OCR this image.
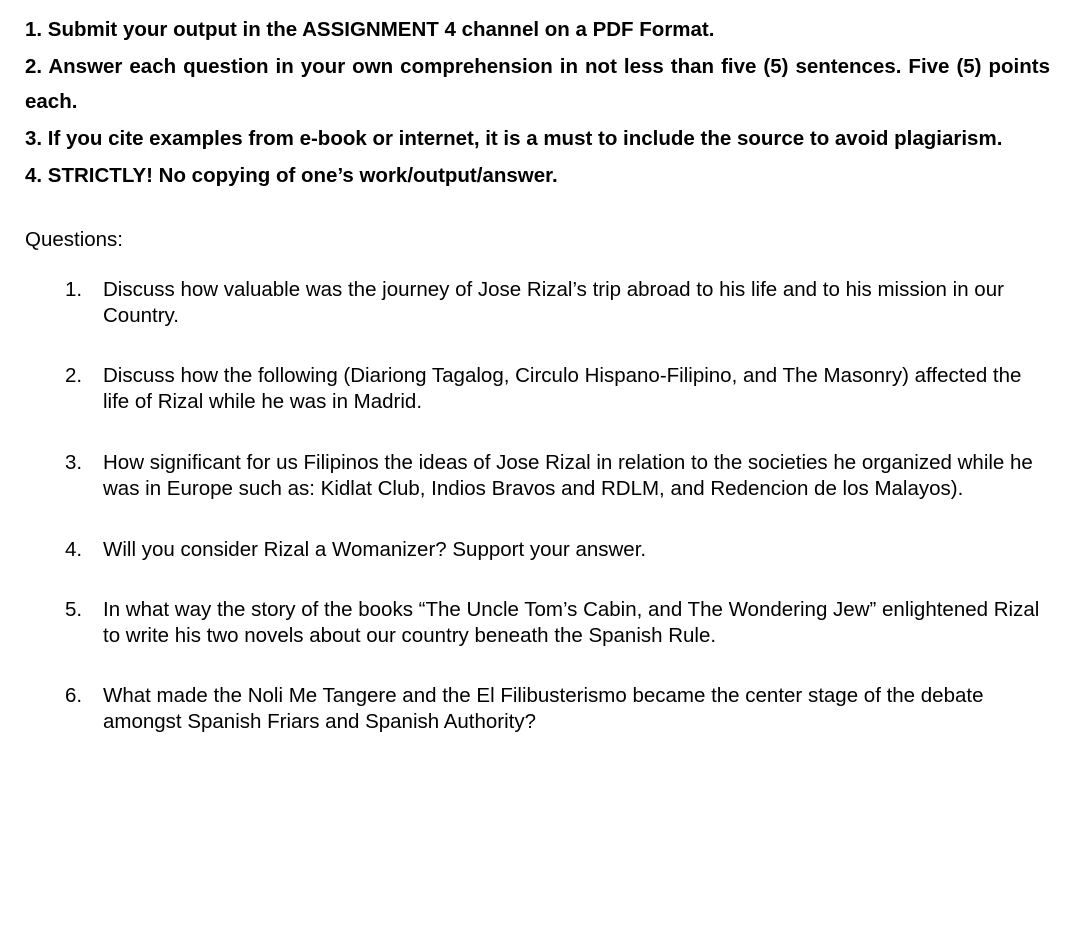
1. Submit your output in the ASSIGNMENT 4 channel on a PDF Format.

2. Answer each question in your own comprehension in not less than five (5) sentences. Five (5) points each.

3. If you cite examples from e-book or internet, it is a must to include the source to avoid plagiarism.

4. STRICTLY! No copying of one’s work/output/answer.

Questions:

1. Discuss how valuable was the journey of Jose Rizal’s trip abroad to his life and to his mission in our Country.
2. Discuss how the following (Diariong Tagalog, Circulo Hispano-Filipino, and The Masonry) affected the life of Rizal while he was in Madrid.
3. How significant for us Filipinos the ideas of Jose Rizal in relation to the societies he organized while he was in Europe such as: Kidlat Club, Indios Bravos and RDLM, and Redencion de los Malayos).
4. Will you consider Rizal a Womanizer? Support your answer.
5. In what way the story of the books “The Uncle Tom’s Cabin, and The Wondering Jew” enlightened Rizal to write his two novels about our country beneath the Spanish Rule.
6. What made the Noli Me Tangere and the El Filibusterismo became the center stage of the debate amongst Spanish Friars and Spanish Authority?
